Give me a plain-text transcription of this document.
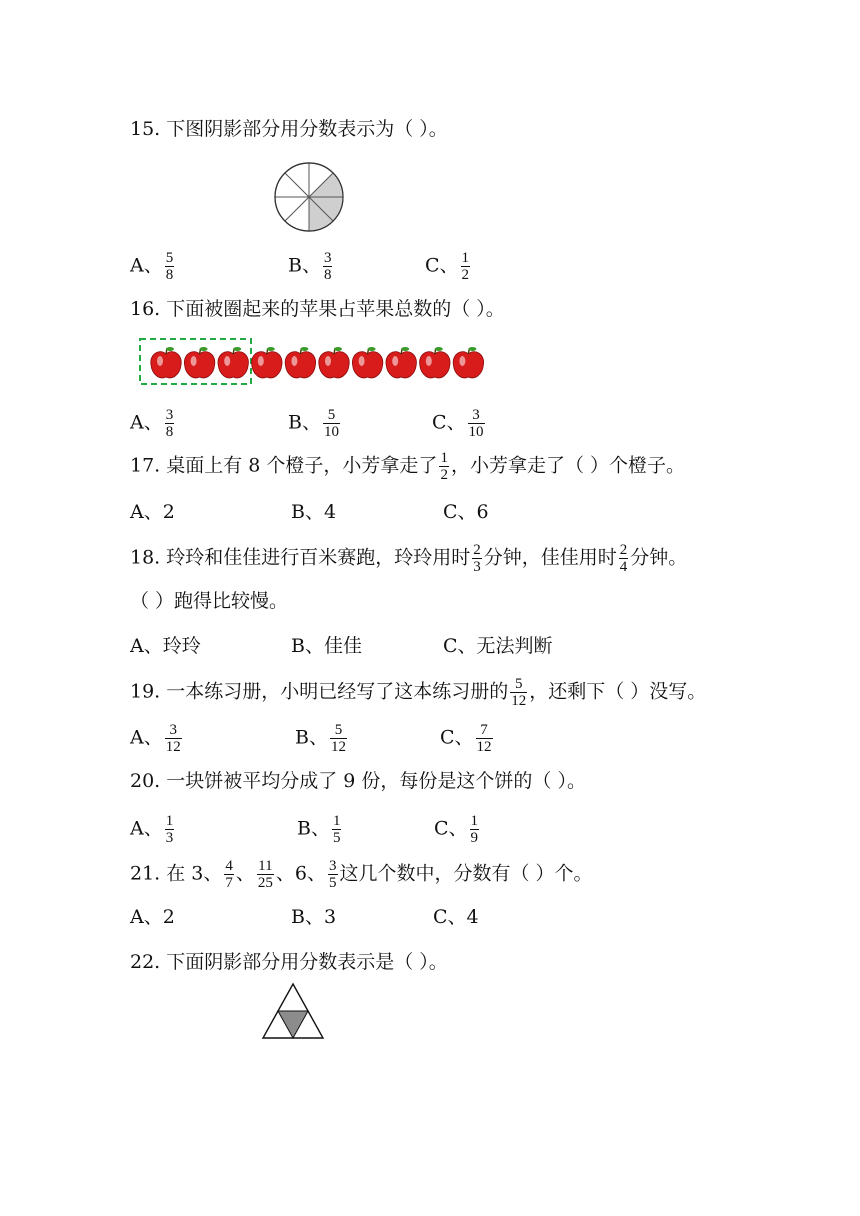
15. 下图阴影部分用分数表示为（ ）。
A、 $\frac{5}{8}$	B、 $\frac{3}{8}$	C、 $\frac{1}{2}$
16. 下面被圈起来的苹果占苹果总数的（ ）。
A、 $\frac{3}{8}$	B、 $\frac{5}{10}$	C、 $\frac{3}{10}$
17. 桌面上有 8 个橙子，小芳拿走了 $\frac{1}{2}$ ，小芳拿走了（ ）个橙子。
A、2	B、4	C、6
18. 玲玲和佳佳进行百米赛跑，玲玲用时 $\frac{2}{3}$ 分钟，佳佳用时 $\frac{2}{4}$ 分钟。
（ ）跑得比较慢。
A、玲玲	B、佳佳	C、无法判断
19. 一本练习册，小明已经写了这本练习册的 $\frac{5}{12}$ ，还剩下（ ）没写。
A、 $\frac{3}{12}$	B、 $\frac{5}{12}$	C、 $\frac{7}{12}$
20. 一块饼被平均分成了 9 份，每份是这个饼的（ ）。
A、 $\frac{1}{3}$	B、 $\frac{1}{5}$	C、 $\frac{1}{9}$
21. 在 3、 $\frac{4}{7}$ 、 $\frac{11}{25}$ 、6、 $\frac{3}{5}$ 这几个数中，分数有（ ）个。
A、2	B、3	C、4
22. 下面阴影部分用分数表示是（ ）。
